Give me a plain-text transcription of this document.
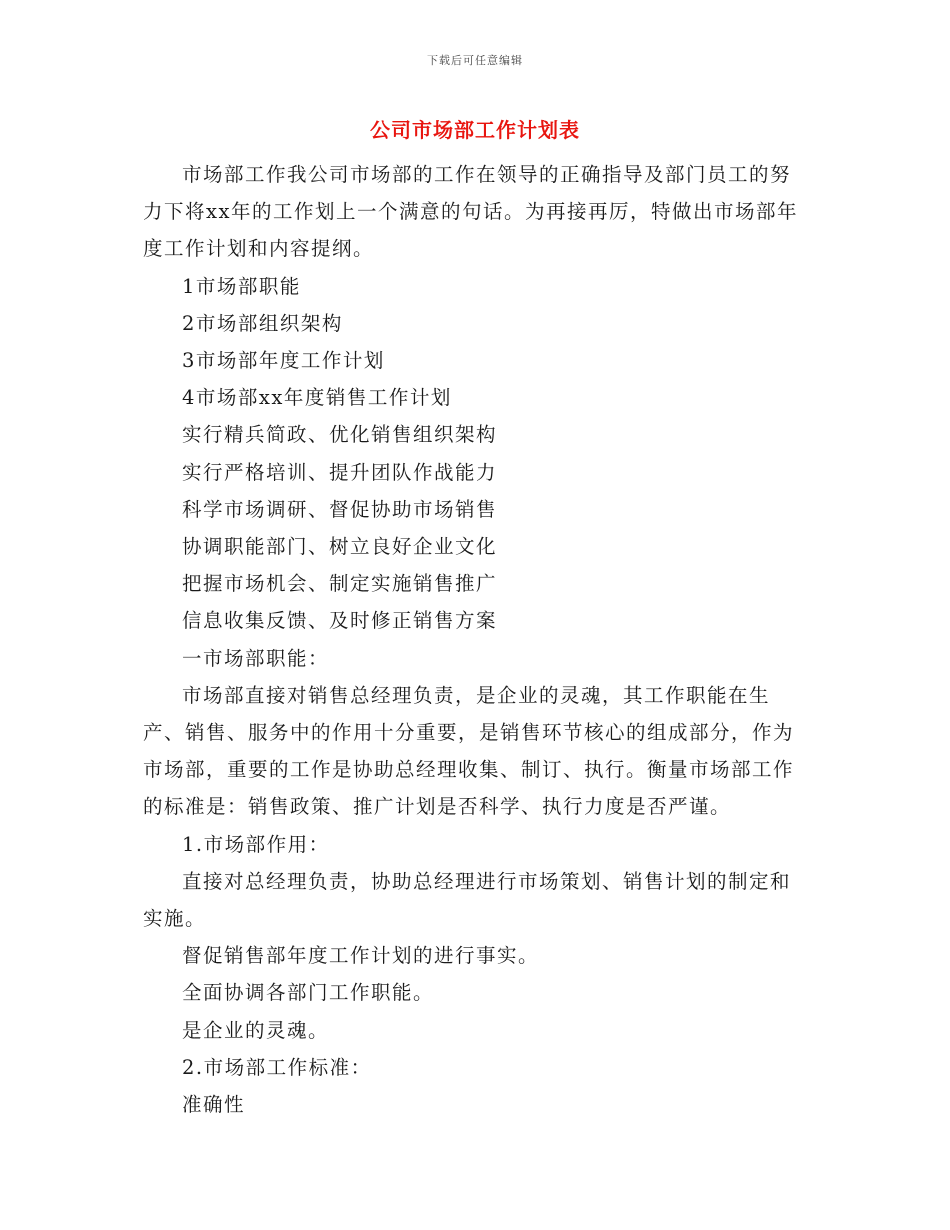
下载后可任意编辑
公司市场部工作计划表

市场部工作我公司市场部的工作在领导的正确指导及部门员工的努力下将xx年的工作划上一个满意的句话。为再接再厉，特做出市场部年度工作计划和内容提纲。

1市场部职能

2市场部组织架构

3市场部年度工作计划

4市场部xx年度销售工作计划

实行精兵简政、优化销售组织架构

实行严格培训、提升团队作战能力

科学市场调研、督促协助市场销售

协调职能部门、树立良好企业文化

把握市场机会、制定实施销售推广

信息收集反馈、及时修正销售方案

一市场部职能：

市场部直接对销售总经理负责，是企业的灵魂，其工作职能在生产、销售、服务中的作用十分重要，是销售环节核心的组成部分，作为市场部，重要的工作是协助总经理收集、制订、执行。衡量市场部工作的标准是：销售政策、推广计划是否科学、执行力度是否严谨。

1.市场部作用：

直接对总经理负责，协助总经理进行市场策划、销售计划的制定和实施。

督促销售部年度工作计划的进行事实。

全面协调各部门工作职能。

是企业的灵魂。

2.市场部工作标准：

准确性
